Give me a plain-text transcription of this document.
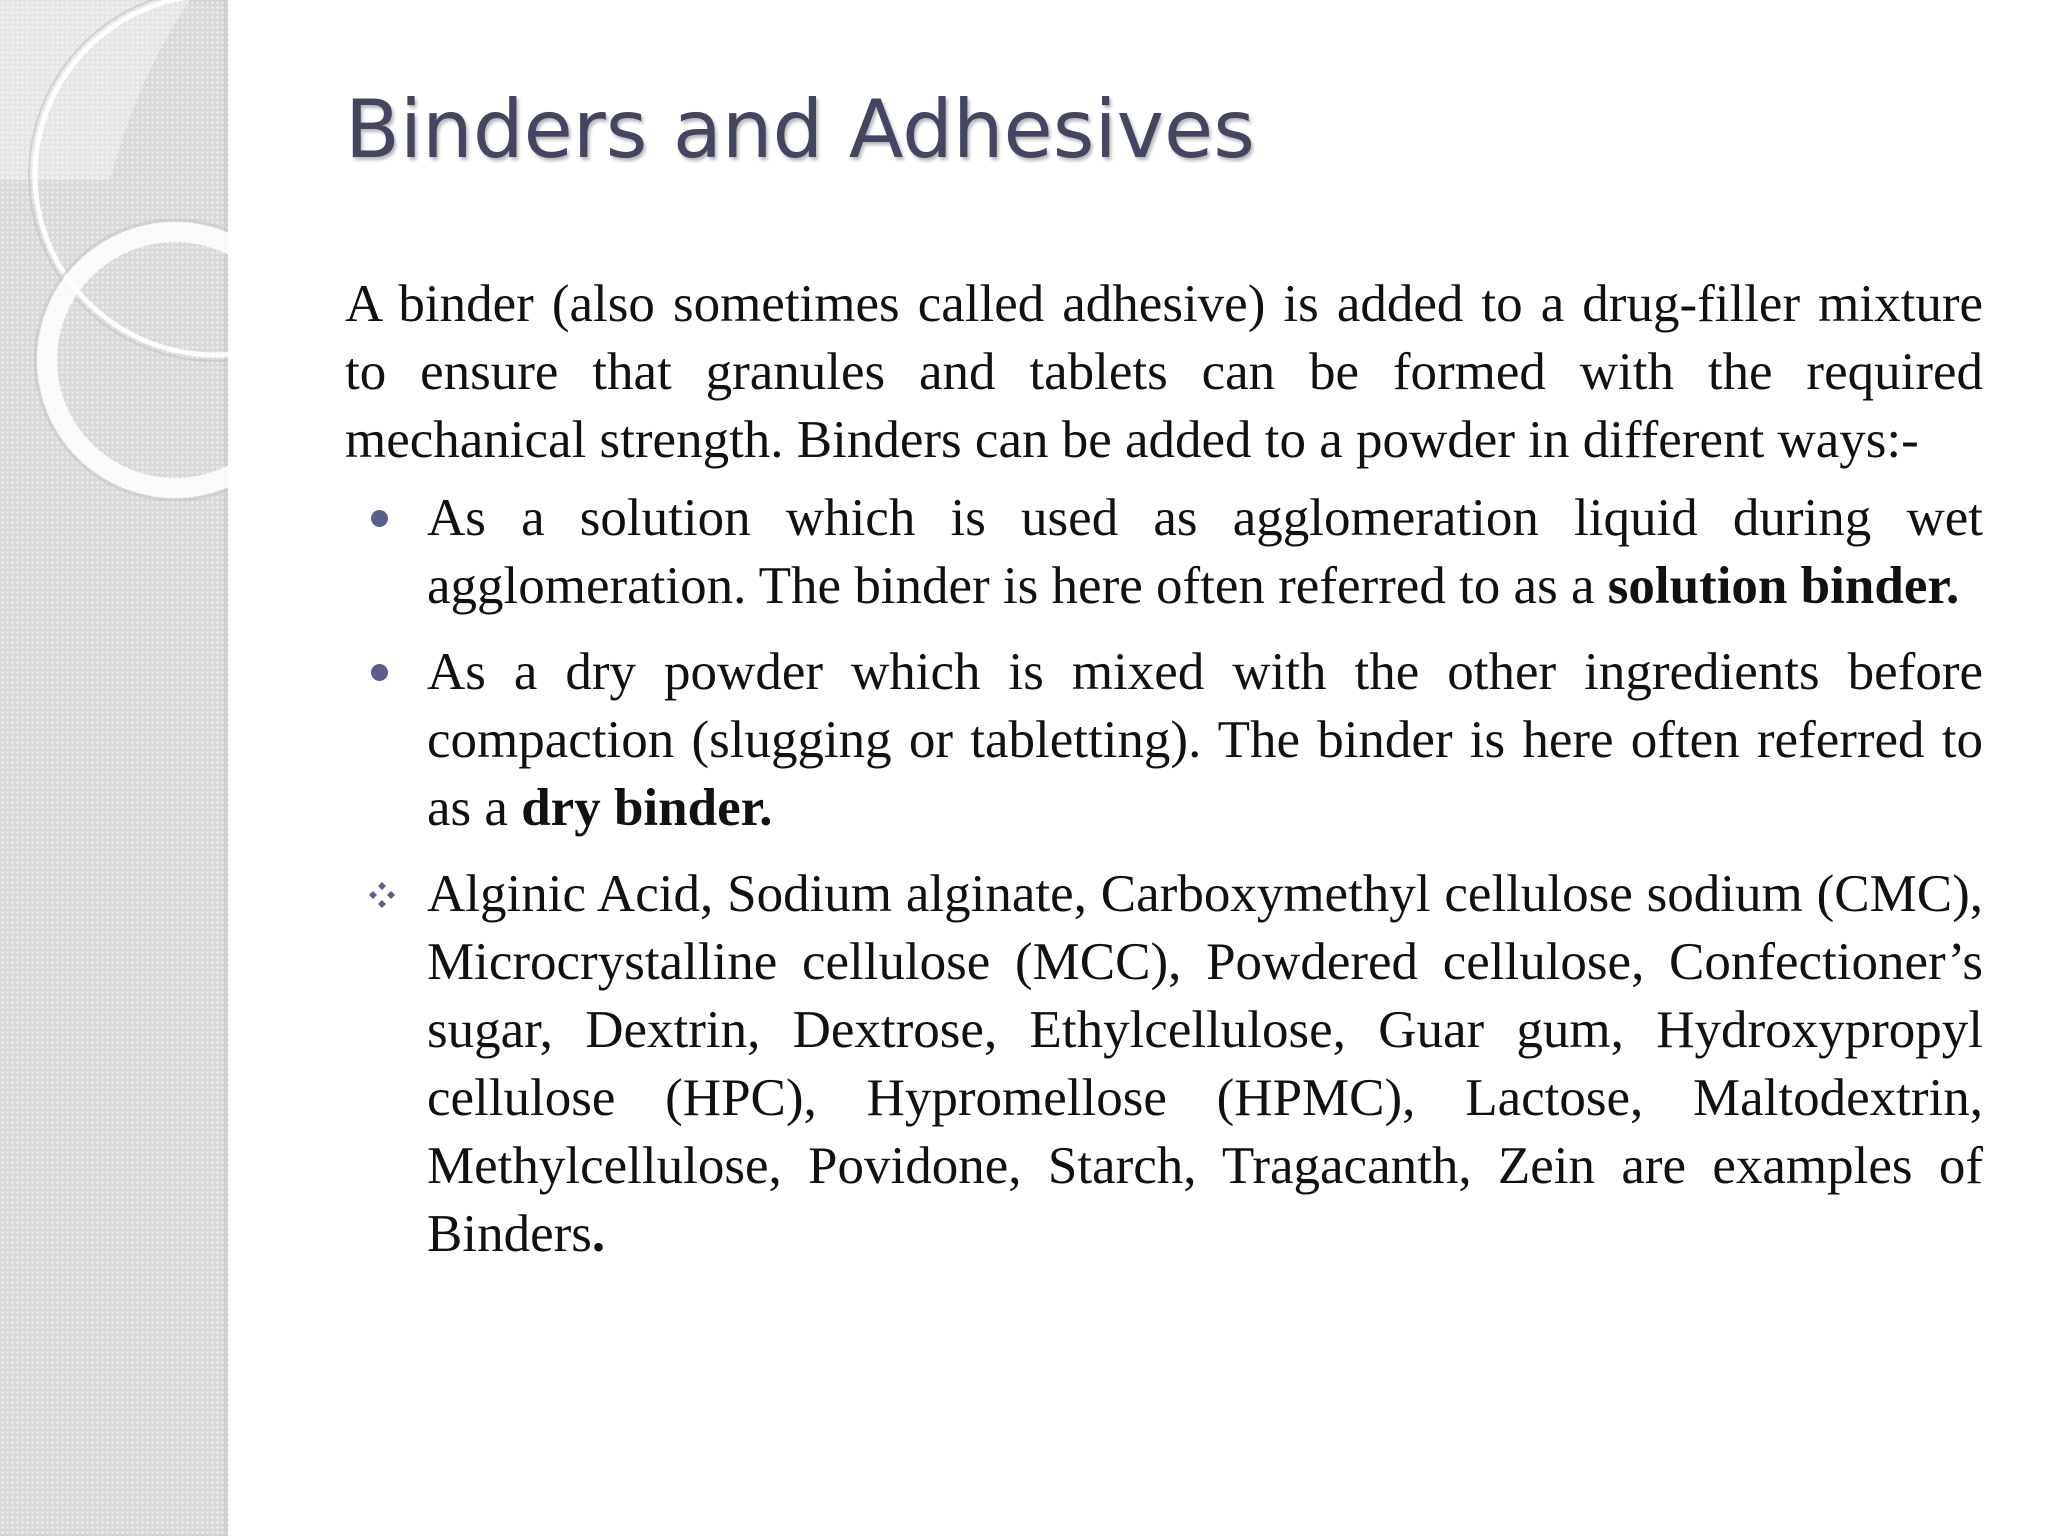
Binders and Adhesives

A binder (also sometimes called adhesive) is added to a drug-filler mixture to ensure that granules and tablets can be formed with the required mechanical strength. Binders can be added to a powder in different ways:-

As a solution which is used as agglomeration liquid during wet agglomeration. The binder is here often referred to as a solution binder.
As a dry powder which is mixed with the other ingredients before compaction (slugging or tabletting). The binder is here often referred to as a dry binder.
Alginic Acid, Sodium alginate, Carboxymethyl cellulose sodium (CMC), Microcrystalline cellulose (MCC), Powdered cellulose, Confectioner’s sugar, Dextrin, Dextrose, Ethylcellulose, Guar gum, Hydroxypropyl cellulose (HPC), Hypromellose (HPMC), Lactose, Maltodextrin, Methylcellulose, Povidone, Starch, Tragacanth, Zein are examples of Binders.
